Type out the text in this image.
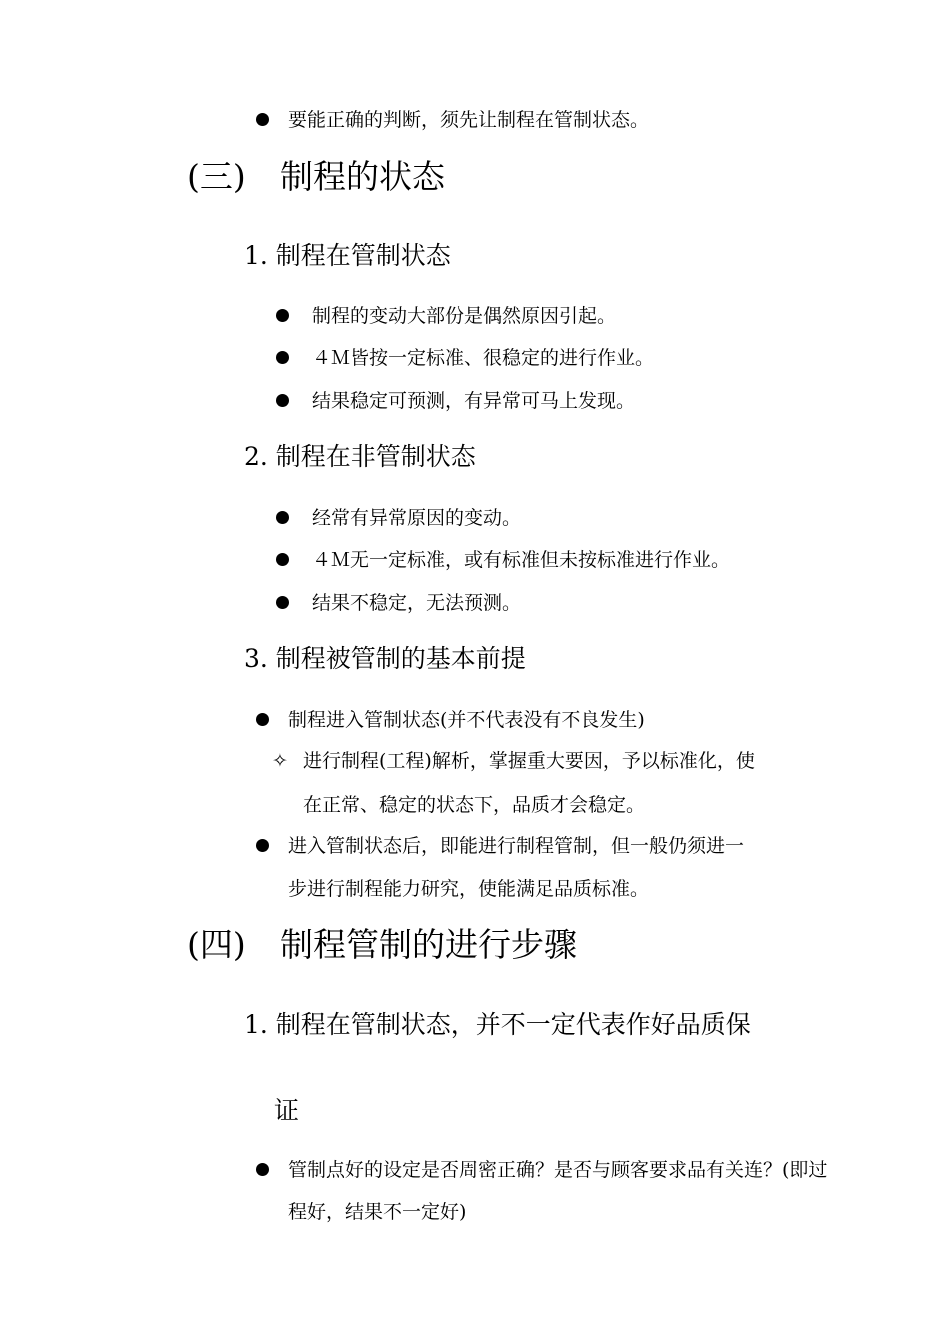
要能正确的判断，须先让制程在管制状态。
(三) 制程的状态
1. 制程在管制状态
制程的变动大部份是偶然原因引起。
４Ｍ皆按一定标准、很稳定的进行作业。
结果稳定可预测，有异常可马上发现。
2. 制程在非管制状态
经常有异常原因的变动。
４Ｍ无一定标准，或有标准但未按标准进行作业。
结果不稳定，无法预测。
3. 制程被管制的基本前提
制程进入管制状态(并不代表没有不良发生)
✧ 进行制程(工程)解析，掌握重大要因，予以标准化，使
在正常、稳定的状态下，品质才会稳定。
进入管制状态后，即能进行制程管制，但一般仍须进一
步进行制程能力研究，使能满足品质标准。
(四) 制程管制的进行步骤
1. 制程在管制状态，并不一定代表作好品质保
证
管制点好的设定是否周密正确？是否与顾客要求品有关连？(即过
程好，结果不一定好)
